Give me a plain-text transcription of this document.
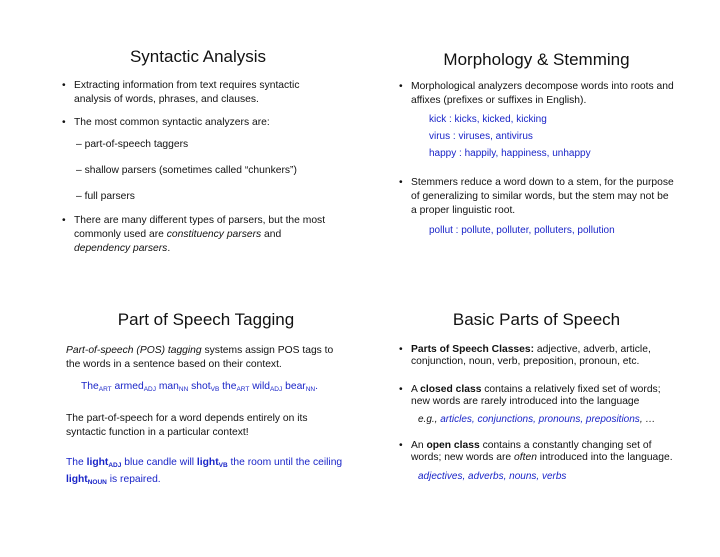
Syntactic Analysis
• Extracting information from text requires syntactic analysis of words, phrases, and clauses.
• The most common syntactic analyzers are:
– part-of-speech taggers
– shallow parsers (sometimes called “chunkers”)
– full parsers
• There are many different types of parsers, but the most commonly used are constituency parsers and dependency parsers.
Morphology & Stemming
• Morphological analyzers decompose words into roots and affixes (prefixes or suffixes in English).
kick : kicks, kicked, kicking
virus : viruses, antivirus
happy : happily, happiness, unhappy
• Stemmers reduce a word down to a stem, for the purpose of generalizing to similar words, but the stem may not be a proper linguistic root.
pollut : pollute, polluter, polluters, pollution
Part of Speech Tagging

Part-of-speech (POS) tagging systems assign POS tags to the words in a sentence based on their context.

The$_{ART}$ armed$_{ADJ}$ man$_{NN}$ shot$_{VB}$ the$_{ART}$ wild$_{ADJ}$ bear$_{NN}$.

The part-of-speech for a word depends entirely on its syntactic function in a particular context!

The light$_{ADJ}$ blue candle will light$_{VB}$ the room until the ceiling light$_{NOUN}$ is repaired.

Basic Parts of Speech
• Parts of Speech Classes: adjective, adverb, article, conjunction, noun, verb, preposition, pronoun, etc.
• A closed class contains a relatively fixed set of words; new words are rarely introduced into the language
e.g., articles, conjunctions, pronouns, prepositions, …
• An open class contains a constantly changing set of words; new words are often introduced into the language.
adjectives, adverbs, nouns, verbs
